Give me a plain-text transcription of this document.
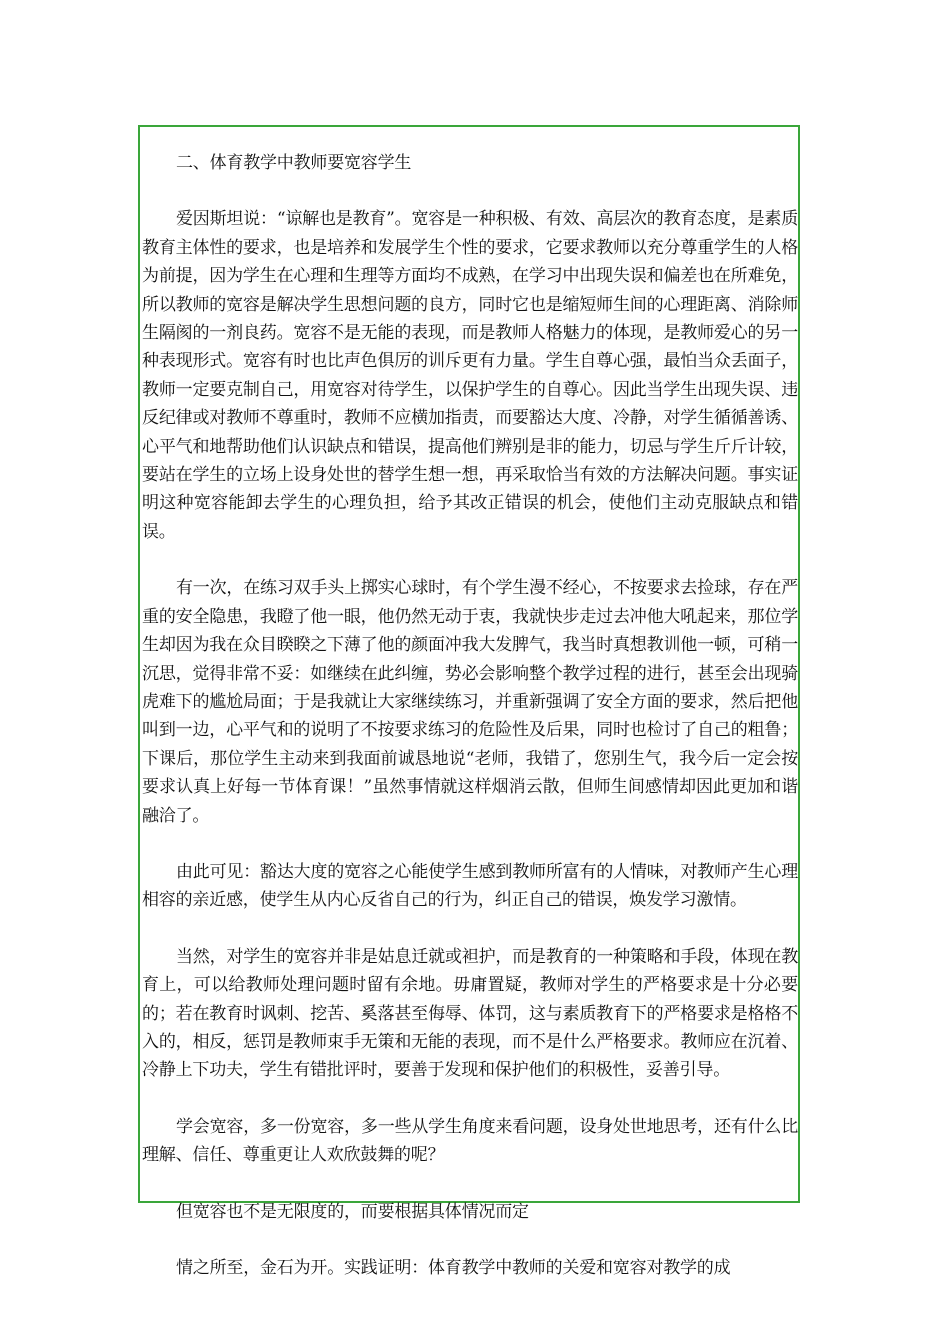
二、体育教学中教师要宽容学生

爱因斯坦说：“谅解也是教育”。宽容是一种积极、有效、高层次的教育态度，是素质教育主体性的要求，也是培养和发展学生个性的要求，它要求教师以充分尊重学生的人格为前提，因为学生在心理和生理等方面均不成熟，在学习中出现失误和偏差也在所难免，所以教师的宽容是解决学生思想问题的良方，同时它也是缩短师生间的心理距离、消除师生隔阂的一剂良药。宽容不是无能的表现，而是教师人格魅力的体现，是教师爱心的另一种表现形式。宽容有时也比声色俱厉的训斥更有力量。学生自尊心强，最怕当众丢面子，教师一定要克制自己，用宽容对待学生，以保护学生的自尊心。因此当学生出现失误、违反纪律或对教师不尊重时，教师不应横加指责，而要豁达大度、冷静，对学生循循善诱、心平气和地帮助他们认识缺点和错误，提高他们辨别是非的能力，切忌与学生斤斤计较，要站在学生的立场上设身处世的替学生想一想，再采取恰当有效的方法解决问题。事实证明这种宽容能卸去学生的心理负担，给予其改正错误的机会，使他们主动克服缺点和错误。

有一次，在练习双手头上掷实心球时，有个学生漫不经心，不按要求去捡球，存在严重的安全隐患，我瞪了他一眼，他仍然无动于衷，我就快步走过去冲他大吼起来，那位学生却因为我在众目睽睽之下薄了他的颜面冲我大发脾气，我当时真想教训他一顿，可稍一沉思，觉得非常不妥：如继续在此纠缠，势必会影响整个教学过程的进行，甚至会出现骑虎难下的尴尬局面；于是我就让大家继续练习，并重新强调了安全方面的要求，然后把他叫到一边，心平气和的说明了不按要求练习的危险性及后果，同时也检讨了自己的粗鲁；下课后，那位学生主动来到我面前诚恳地说“老师，我错了，您别生气，我今后一定会按要求认真上好每一节体育课！”虽然事情就这样烟消云散，但师生间感情却因此更加和谐融洽了。

由此可见：豁达大度的宽容之心能使学生感到教师所富有的人情味，对教师产生心理相容的亲近感，使学生从内心反省自己的行为，纠正自己的错误，焕发学习激情。

当然，对学生的宽容并非是姑息迁就或袒护，而是教育的一种策略和手段，体现在教育上，可以给教师处理问题时留有余地。毋庸置疑，教师对学生的严格要求是十分必要的；若在教育时讽刺、挖苦、奚落甚至侮辱、体罚，这与素质教育下的严格要求是格格不入的，相反，惩罚是教师束手无策和无能的表现，而不是什么严格要求。教师应在沉着、冷静上下功夫，学生有错批评时，要善于发现和保护他们的积极性，妥善引导。

学会宽容，多一份宽容，多一些从学生角度来看问题，设身处世地思考，还有什么比理解、信任、尊重更让人欢欣鼓舞的呢？

但宽容也不是无限度的，而要根据具体情况而定

情之所至，金石为开。实践证明：体育教学中教师的关爱和宽容对教学的成
